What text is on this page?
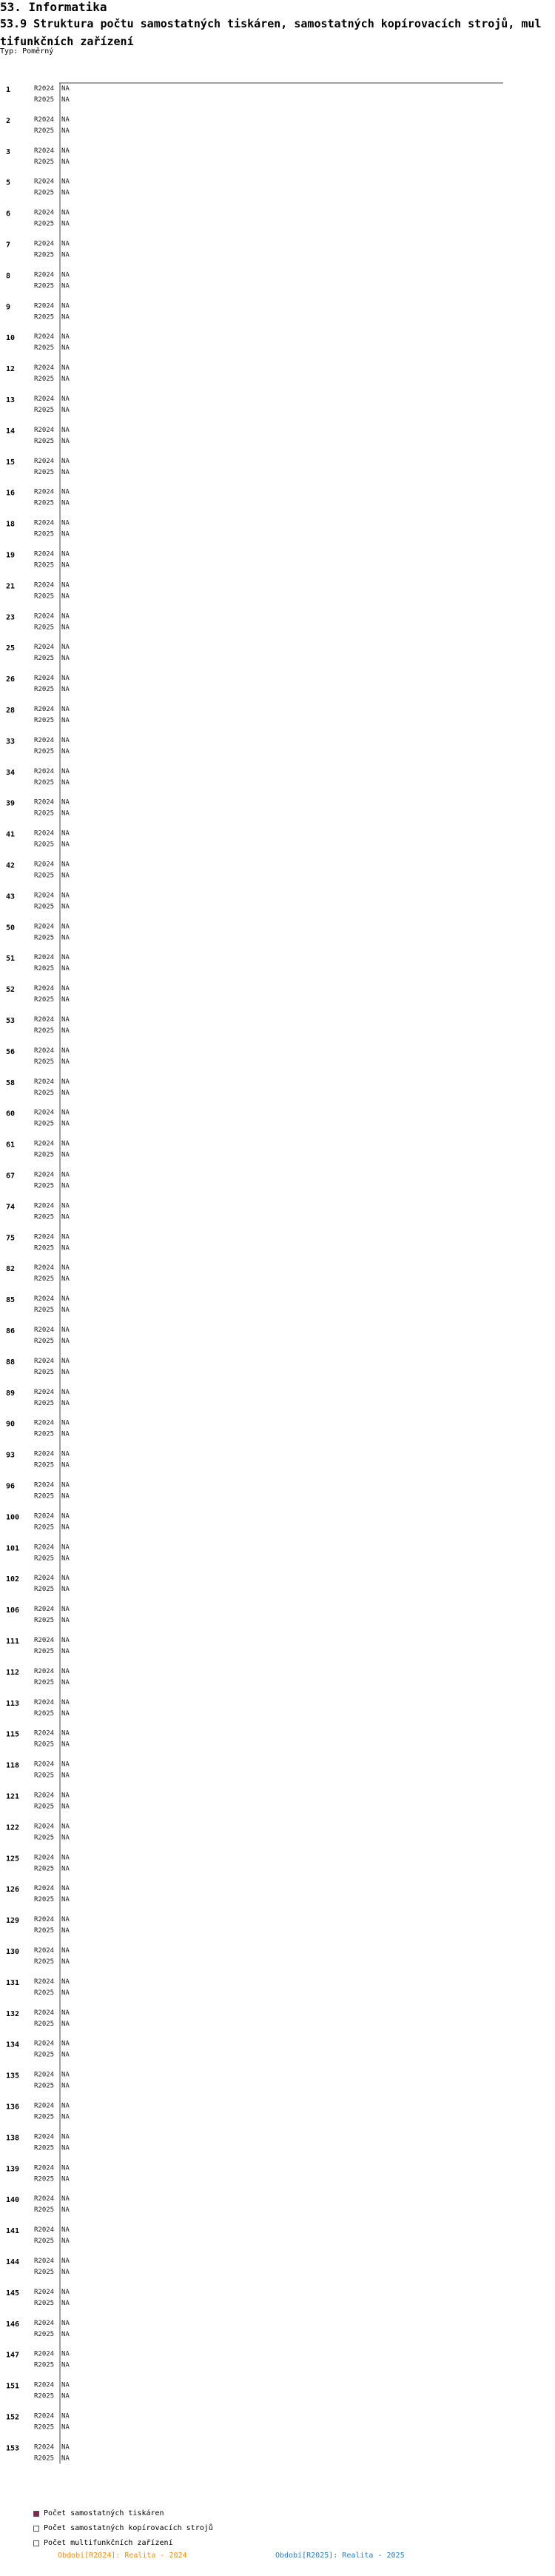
53. Informatika
53.9 Struktura počtu samostatných tiskáren, samostatných kopírovacích strojů, multifunkčních zařízení
Typ: Poměrný
1	R2024 NA
R2025 NA
2	R2024 NA
R2025 NA
3	R2024 NA
R2025 NA
5	R2024 NA
R2025 NA
6	R2024 NA
R2025 NA
7	R2024 NA
R2025 NA
8	R2024 NA
R2025 NA
9	R2024 NA
R2025 NA
10	R2024 NA
R2025 NA
12	R2024 NA
R2025 NA
13	R2024 NA
R2025 NA
14	R2024 NA
R2025 NA
15	R2024 NA
R2025 NA
16	R2024 NA
R2025 NA
18	R2024 NA
R2025 NA
19	R2024 NA
R2025 NA
21	R2024 NA
R2025 NA
23	R2024 NA
R2025 NA
25	R2024 NA
R2025 NA
26	R2024 NA
R2025 NA
28	R2024 NA
R2025 NA
33	R2024 NA
R2025 NA
34	R2024 NA
R2025 NA
39	R2024 NA
R2025 NA
41	R2024 NA
R2025 NA
42	R2024 NA
R2025 NA
43	R2024 NA
R2025 NA
50	R2024 NA
R2025 NA
51	R2024 NA
R2025 NA
52	R2024 NA
R2025 NA
53	R2024 NA
R2025 NA
56	R2024 NA
R2025 NA
58	R2024 NA
R2025 NA
60	R2024 NA
R2025 NA
61	R2024 NA
R2025 NA
67	R2024 NA
R2025 NA
74	R2024 NA
R2025 NA
75	R2024 NA
R2025 NA
82	R2024 NA
R2025 NA
85	R2024 NA
R2025 NA
86	R2024 NA
R2025 NA
88	R2024 NA
R2025 NA
89	R2024 NA
R2025 NA
90	R2024 NA
R2025 NA
93	R2024 NA
R2025 NA
96	R2024 NA
R2025 NA
100 R2024 NA
R2025 NA
101 R2024 NA
R2025 NA
102 R2024 NA
R2025 NA
106 R2024 NA
R2025 NA
111 R2024 NA
R2025 NA
112 R2024 NA
R2025 NA
113 R2024 NA
R2025 NA
115 R2024 NA
R2025 NA
118 R2024 NA
R2025 NA
121 R2024 NA
R2025 NA
122 R2024 NA
R2025 NA
125 R2024 NA
R2025 NA
126 R2024 NA
R2025 NA
129 R2024 NA
R2025 NA
130 R2024 NA
R2025 NA
131 R2024 NA
R2025 NA
132 R2024 NA
R2025 NA
134 R2024 NA
R2025 NA
135 R2024 NA
R2025 NA
136 R2024 NA
R2025 NA
138 R2024 NA
R2025 NA
139 R2024 NA
R2025 NA
140 R2024 NA
R2025 NA
141 R2024 NA
R2025 NA
144 R2024 NA
R2025 NA
145 R2024 NA
R2025 NA
146 R2024 NA
R2025 NA
147 R2024 NA
R2025 NA
151 R2024 NA
R2025 NA
152 R2024 NA
R2025 NA
153 R2024 NA
R2025 NA
Počet samostatných tiskáren
Počet samostatných kopírovacích strojů
Počet multifunkčních zařízení
Období[R2024]: Realita - 2024	Období[R2025]: Realita - 2025
